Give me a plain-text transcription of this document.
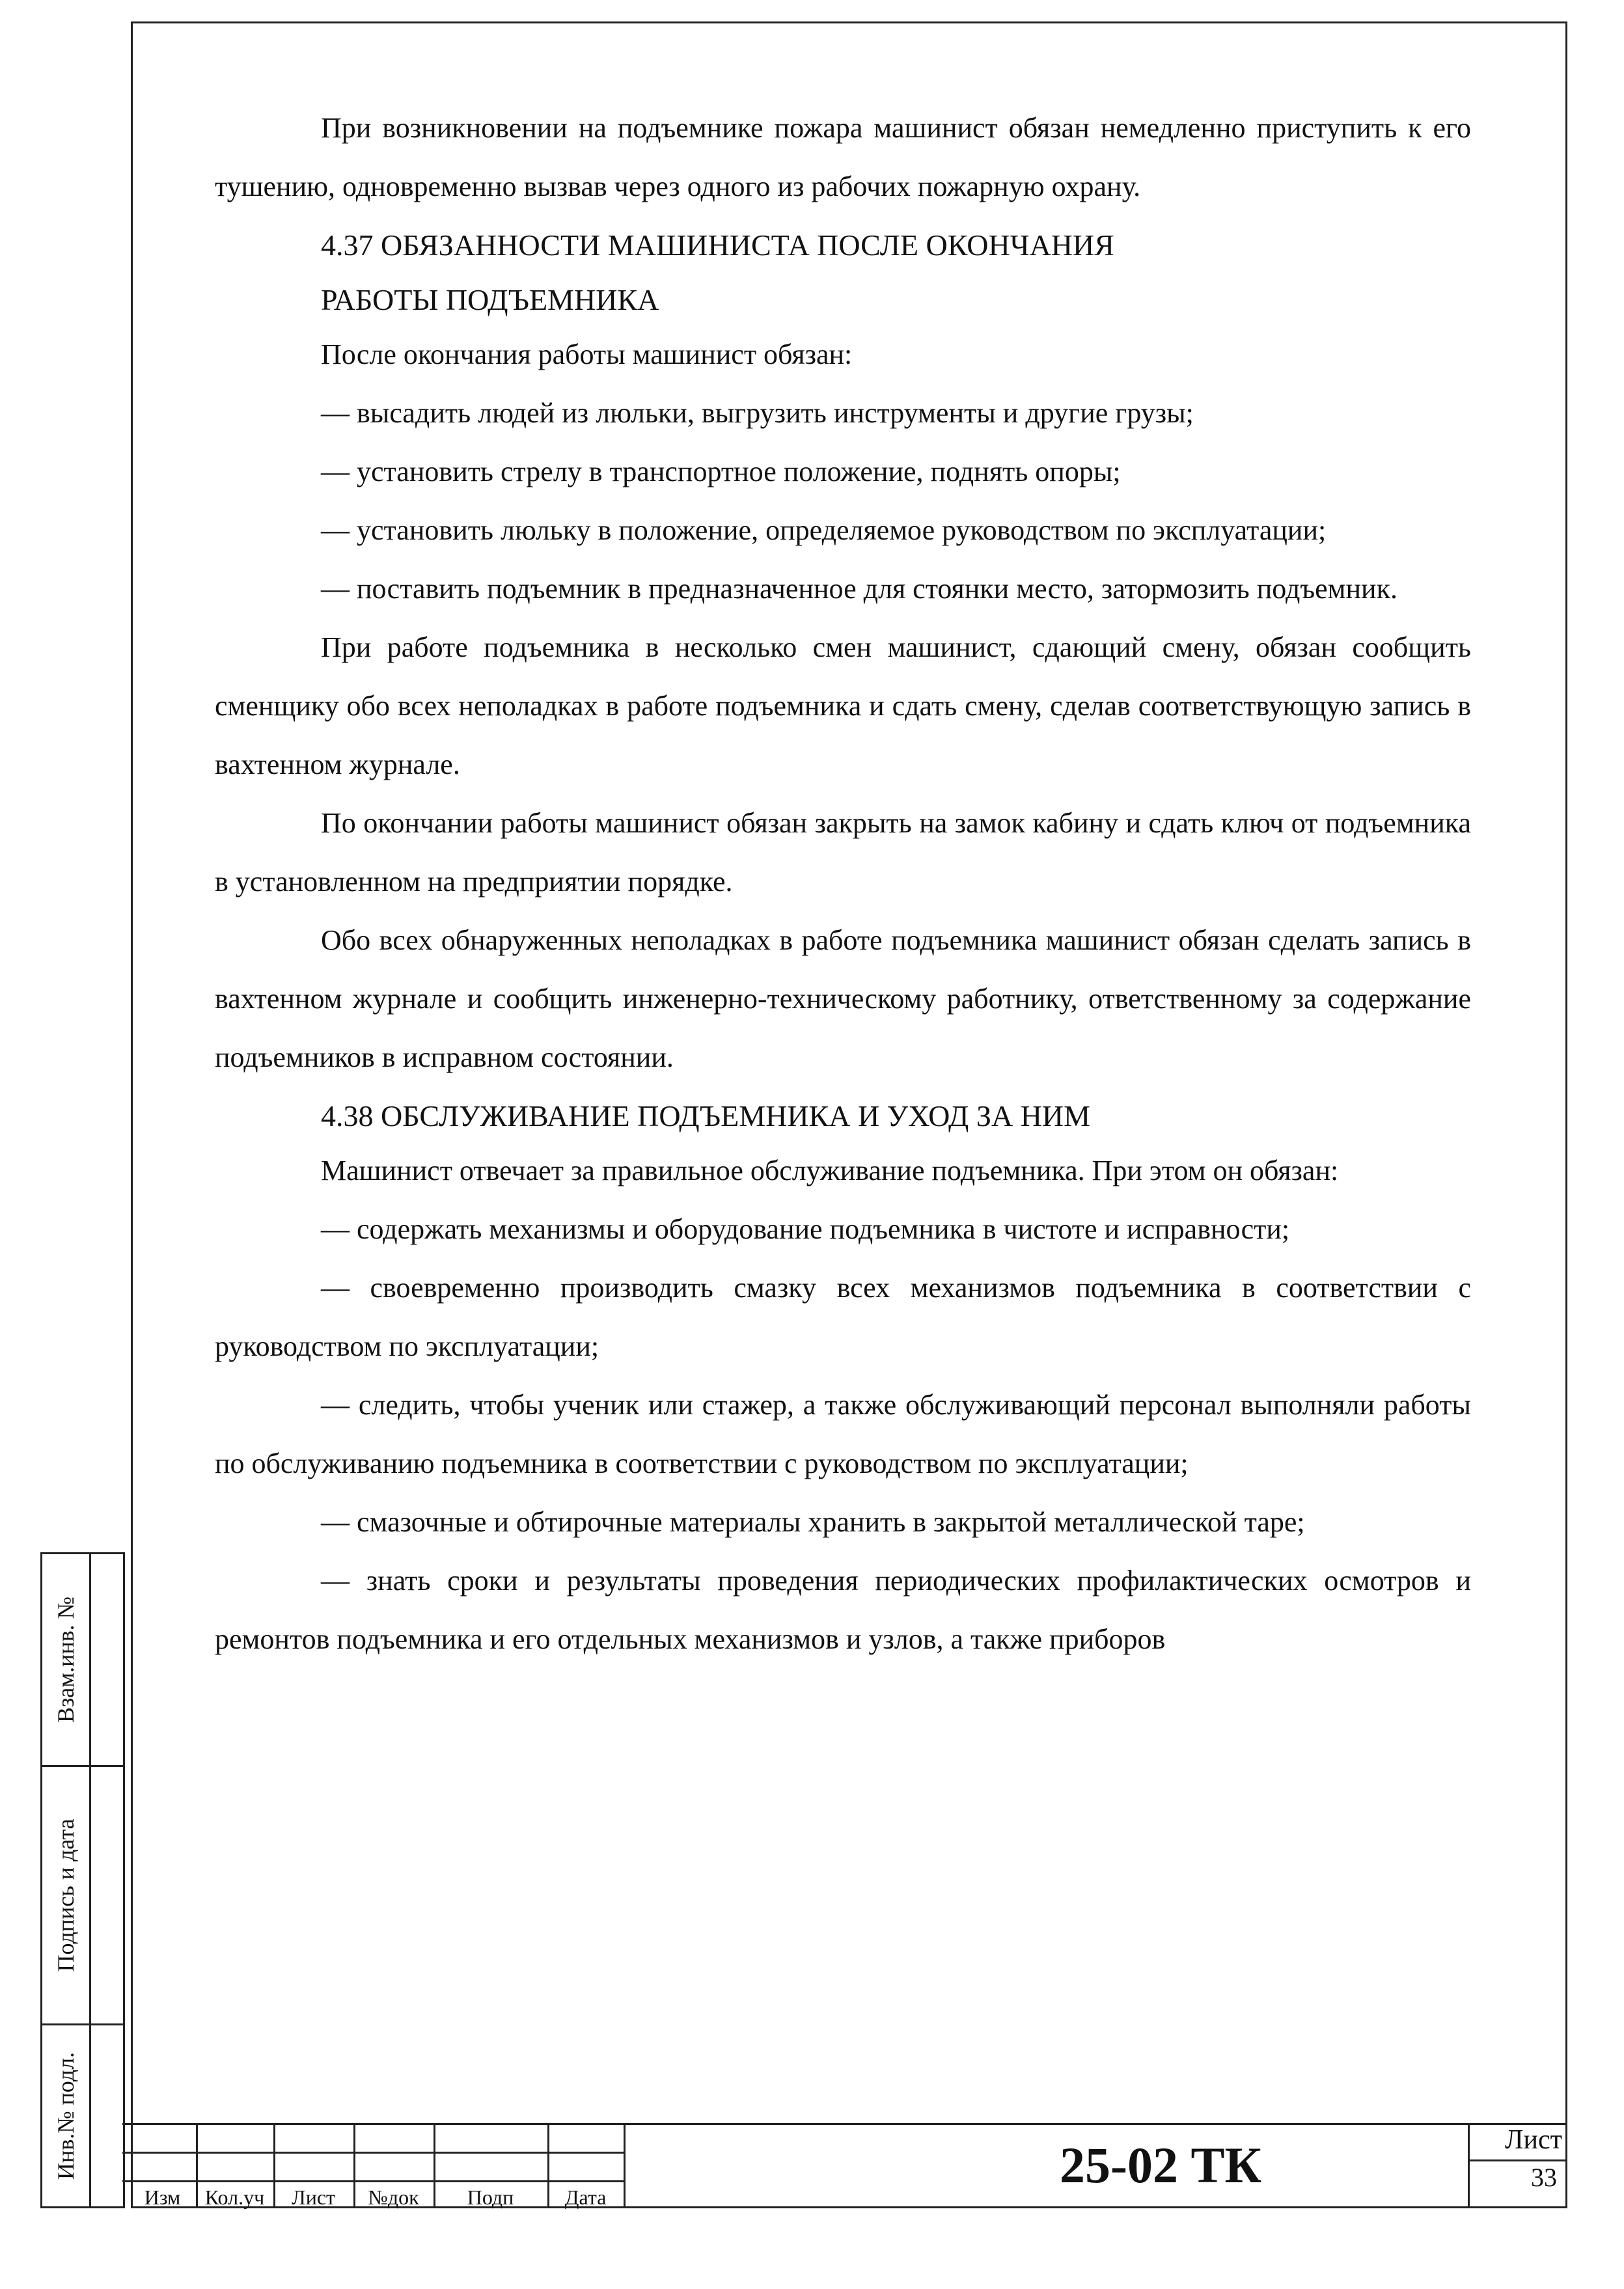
При возникновении на подъемнике пожара машинист обязан немедленно приступить к его тушению, одновременно вызвав через одного из рабочих пожарную охрану.

4.37 ОБЯЗАННОСТИ МАШИНИСТА ПОСЛЕ ОКОНЧАНИЯ

РАБОТЫ ПОДЪЕМНИКА

После окончания работы машинист обязан:

— высадить людей из люльки, выгрузить инструменты и другие грузы;

— установить стрелу в транспортное положение, поднять опоры;

— установить люльку в положение, определяемое руководством по эксплуатации;

— поставить подъемник в предназначенное для стоянки место, затормозить подъемник.

При работе подъемника в несколько смен машинист, сдающий смену, обязан сообщить сменщику обо всех неполадках в работе подъемника и сдать смену, сделав соответствующую запись в вахтенном журнале.

По окончании работы машинист обязан закрыть на замок кабину и сдать ключ от подъемника в установленном на предприятии порядке.

Обо всех обнаруженных неполадках в работе подъемника машинист обязан сделать запись в вахтенном журнале и сообщить инженерно-техническому работнику, ответственному за содержание подъемников в исправном состоянии.

4.38 ОБСЛУЖИВАНИЕ ПОДЪЕМНИКА И УХОД ЗА НИМ

Машинист отвечает за правильное обслуживание подъемника. При этом он обязан:

— содержать механизмы и оборудование подъемника в чистоте и исправности;

— своевременно производить смазку всех механизмов подъемника в соответствии с руководством по эксплуатации;

— следить, чтобы ученик или стажер, а также обслуживающий персонал выполняли работы по обслуживанию подъемника в соответствии с руководством по эксплуатации;

— смазочные и обтирочные материалы хранить в закрытой металлической таре;

— знать сроки и результаты проведения периодических профилактических осмотров и ремонтов подъемника и его отдельных механизмов и узлов, а также приборов

Взам.инв. №
Подпись и дата
Инв.№ подл.
Изм	Кол.уч	Лист	№док	Подп	Дата
25-02 ТК	Лист
33
